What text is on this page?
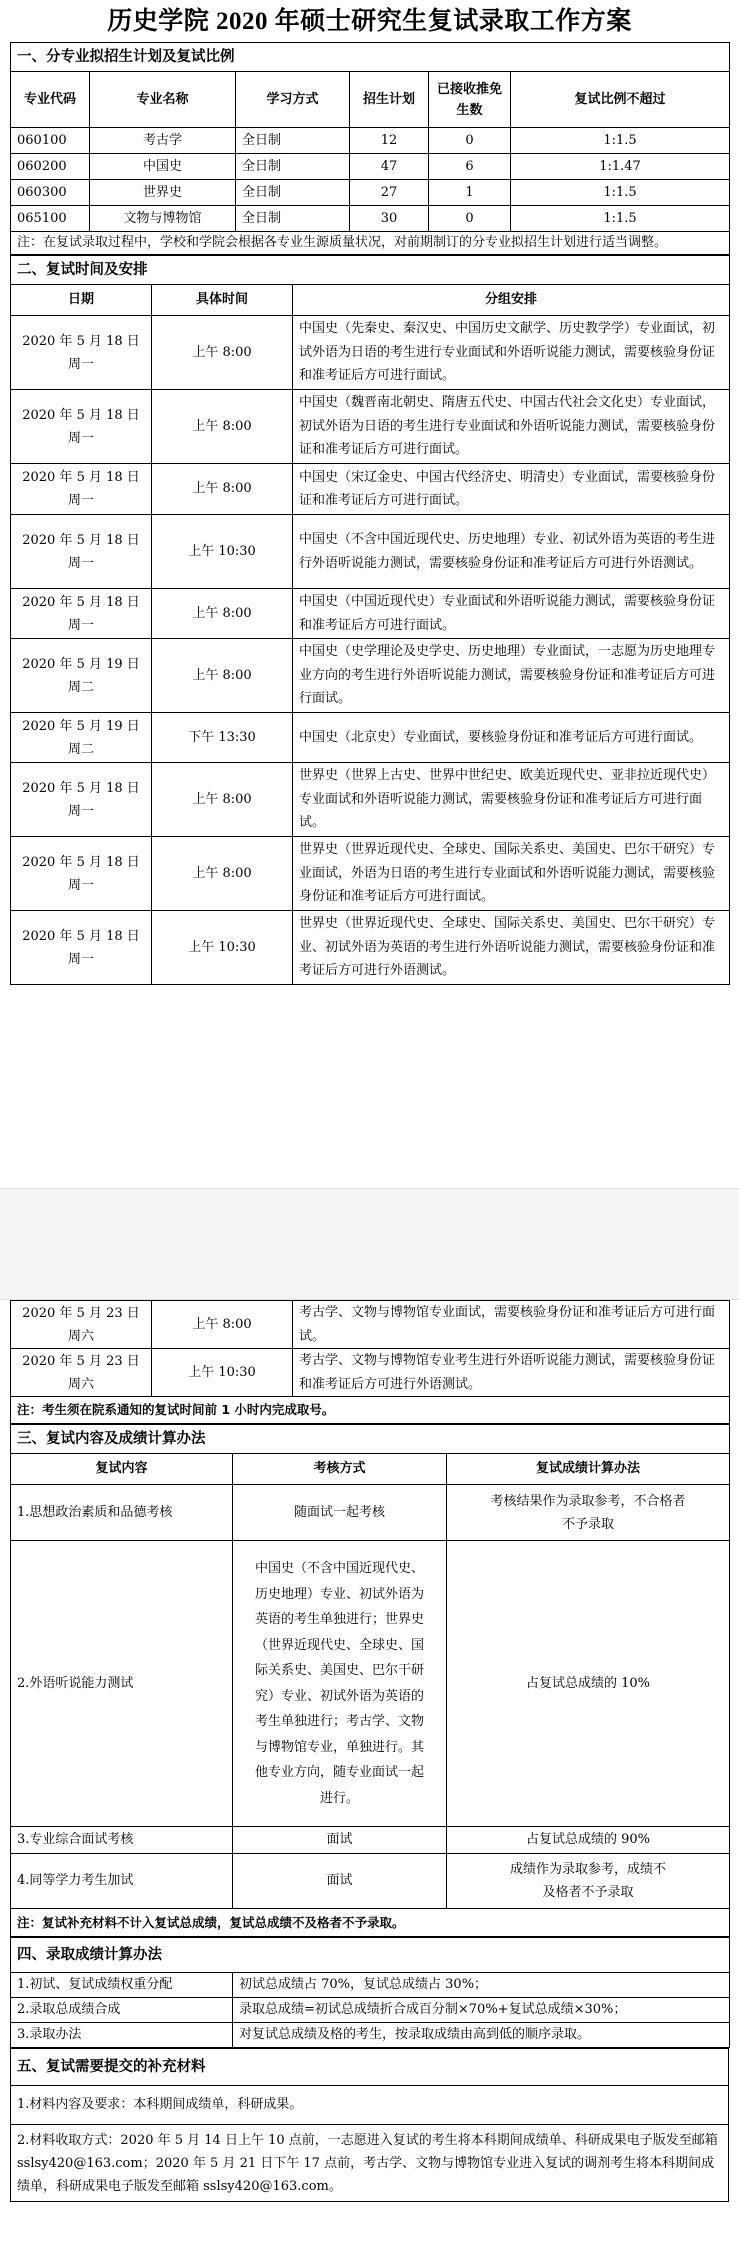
历史学院 2020 年硕士研究生复试录取工作方案
一、分专业拟招生计划及复试比例					
专业代码	专业名称	学习方式	招生计划	已接收推免生数	复试比例不超过
060100	考古学	全日制	12	0	1:1.5
060200	中国史	全日制	47	6	1:1.47
060300	世界史	全日制	27	1	1:1.5
065100	文物与博物馆	全日制	30	0	1:1.5
注：在复试录取过程中，学校和学院会根据各专业生源质量状况，对前期制订的分专业拟招生计划进行适当调整。					
二、复试时间及安排		
日期	具体时间	分组安排
2020 年 5 月 18 日
周一	上午 8:00	中国史（先秦史、秦汉史、中国历史文献学、历史教学学）专业面试，初试外语为日语的考生进行专业面试和外语听说能力测试，需要核验身份证和准考证后方可进行面试。
2020 年 5 月 18 日
周一	上午 8:00	中国史（魏晋南北朝史、隋唐五代史、中国古代社会文化史）专业面试，初试外语为日语的考生进行专业面试和外语听说能力测试，需要核验身份证和准考证后方可进行面试。
2020 年 5 月 18 日
周一	上午 8:00	中国史（宋辽金史、中国古代经济史、明清史）专业面试，需要核验身份证和准考证后方可进行面试。
2020 年 5 月 18 日
周一	上午 10:30	中国史（不含中国近现代史、历史地理）专业、初试外语为英语的考生进行外语听说能力测试，需要核验身份证和准考证后方可进行外语测试。
2020 年 5 月 18 日
周一	上午 8:00	中国史（中国近现代史）专业面试和外语听说能力测试，需要核验身份证和准考证后方可进行面试。
2020 年 5 月 19 日
周二	上午 8:00	中国史（史学理论及史学史、历史地理）专业面试，一志愿为历史地理专业方向的考生进行外语听说能力测试，需要核验身份证和准考证后方可进行面试。
2020 年 5 月 19 日
周二	下午 13:30	中国史（北京史）专业面试，要核验身份证和准考证后方可进行面试。
2020 年 5 月 18 日
周一	上午 8:00	世界史（世界上古史、世界中世纪史、欧美近现代史、亚非拉近现代史）专业面试和外语听说能力测试，需要核验身份证和准考证后方可进行面试。
2020 年 5 月 18 日
周一	上午 8:00	世界史（世界近现代史、全球史、国际关系史、美国史、巴尔干研究）专业面试，外语为日语的考生进行专业面试和外语听说能力测试，需要核验身份证和准考证后方可进行面试。
2020 年 5 月 18 日
周一	上午 10:30	世界史（世界近现代史、全球史、国际关系史、美国史、巴尔干研究）专业、初试外语为英语的考生进行外语听说能力测试，需要核验身份证和准考证后方可进行外语测试。
2020 年 5 月 23 日
周六	上午 8:00	考古学、文物与博物馆专业面试，需要核验身份证和准考证后方可进行面试。
2020 年 5 月 23 日
周六	上午 10:30	考古学、文物与博物馆专业考生进行外语听说能力测试，需要核验身份证和准考证后方可进行外语测试。
注：考生须在院系通知的复试时间前 1 小时内完成取号。		
三、复试内容及成绩计算办法		
复试内容	考核方式	复试成绩计算办法
1.思想政治素质和品德考核	随面试一起考核	考核结果作为录取参考，不合格者不予录取
2.外语听说能力测试	中国史（不含中国近现代史、历史地理）专业、初试外语为英语的考生单独进行；世界史（世界近现代史、全球史、国际关系史、美国史、巴尔干研究）专业、初试外语为英语的考生单独进行；考古学、文物与博物馆专业，单独进行。其他专业方向，随专业面试一起进行。	占复试总成绩的 10%
3.专业综合面试考核	面试	占复试总成绩的 90%
4.同等学力考生加试	面试	成绩作为录取参考，成绩不及格者不予录取
注：复试补充材料不计入复试总成绩，复试总成绩不及格者不予录取。		
四、录取成绩计算办法	
1.初试、复试成绩权重分配	初试总成绩占 70%，复试总成绩占 30%；
2.录取总成绩合成	录取总成绩=初试总成绩折合成百分制×70%+复试总成绩×30%；
3.录取办法	对复试总成绩及格的考生，按录取成绩由高到低的顺序录取。
五、复试需要提交的补充材料
1.材料内容及要求：本科期间成绩单，科研成果。
2.材料收取方式：2020 年 5 月 14 日上午 10 点前，一志愿进入复试的考生将本科期间成绩单、科研成果电子版发至邮箱 sslsy420@163.com；2020 年 5 月 21 日下午 17 点前，考古学、文物与博物馆专业进入复试的调剂考生将本科期间成绩单，科研成果电子版发至邮箱 sslsy420@163.com。
